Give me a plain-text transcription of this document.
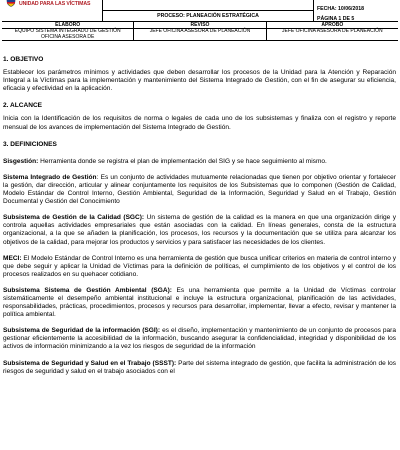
UNIDAD PARA LAS VÍCTIMAS
PROCESO: PLANEACIÓN ESTRATÉGICA
FECHA: 10/06/2018
PÁGINA 1 DE 5
ELABORÓ
EQUIPO SISTEMA INTEGRADO DE GESTIÓN OFICINA ASESORA DE
REVISÓ
JEFE OFICINA ASESORA DE PLANEACIÓN
APROBÓ
JEFE OFICINA ASESORA DE PLANEACIÓN

1. OBJETIVO

Establecer los parámetros mínimos y actividades que deben desarrollar los procesos de la Unidad para la Atención y Reparación Integral a la Víctimas para la implementación y mantenimiento del Sistema Integrado de Gestión, con el fin de asegurar su eficiencia, eficacia y efectividad en la aplicación.

2. ALCANCE

Inicia con la Identificación de los requisitos de norma o legales de cada uno de los subsistemas y finaliza con el registro y reporte mensual de los avances de implementación del Sistema Integrado de Gestión.

3. DEFINICIONES

Sisgestión: Herramienta donde se registra el plan de implementación del SIG y se hace seguimiento al mismo.

Sistema Integrado de Gestión: Es un conjunto de actividades mutuamente relacionadas que tienen por objetivo orientar y fortalecer la gestión, dar dirección, articular y alinear conjuntamente los requisitos de los Subsistemas que lo componen (Gestión de Calidad, Modelo Estándar de Control Interno, Gestión Ambiental, Seguridad de la Información, Seguridad y Salud en el Trabajo, Gestión Documental y Gestión del Conocimiento

Subsistema de Gestión de la Calidad (SGC): Un sistema de gestión de la calidad es la manera en que una organización dirige y controla aquellas actividades empresariales que están asociadas con la calidad. En líneas generales, consta de la estructura organizacional, a la que se añaden la planificación, los procesos, los recursos y la documentación que se utiliza para alcanzar los objetivos de la calidad, para mejorar los productos y servicios y para satisfacer las necesidades de los clientes.

MECI: El Modelo Estándar de Control Interno es una herramienta de gestión que busca unificar criterios en materia de control interno y que debe seguir y aplicar la Unidad de Víctimas para la definición de políticas, el cumplimiento de los objetivos y el control de los procesos realizados en su quehacer cotidiano.

Subsistema Sistema de Gestión Ambiental (SGA): Es una herramienta que permite a la Unidad de Víctimas controlar sistemáticamente el desempeño ambiental institucional e incluye la estructura organizacional, planificación de las actividades, responsabilidades, prácticas, procedimientos, procesos y recursos para desarrollar, implementar, llevar a efecto, revisar y mantener la política ambiental.

Subsistema de Seguridad de la información (SGI): es el diseño, implementación y mantenimiento de un conjunto de procesos para gestionar eficientemente la accesibilidad de la información, buscando asegurar la confidencialidad, integridad y disponibilidad de los activos de información minimizando a la vez los riesgos de seguridad de la información

Subsistema de Seguridad y Salud en el Trabajo (SSST): Parte del sistema integrado de gestión, que facilita la administración de los riesgos de seguridad y salud en el trabajo asociados con el
